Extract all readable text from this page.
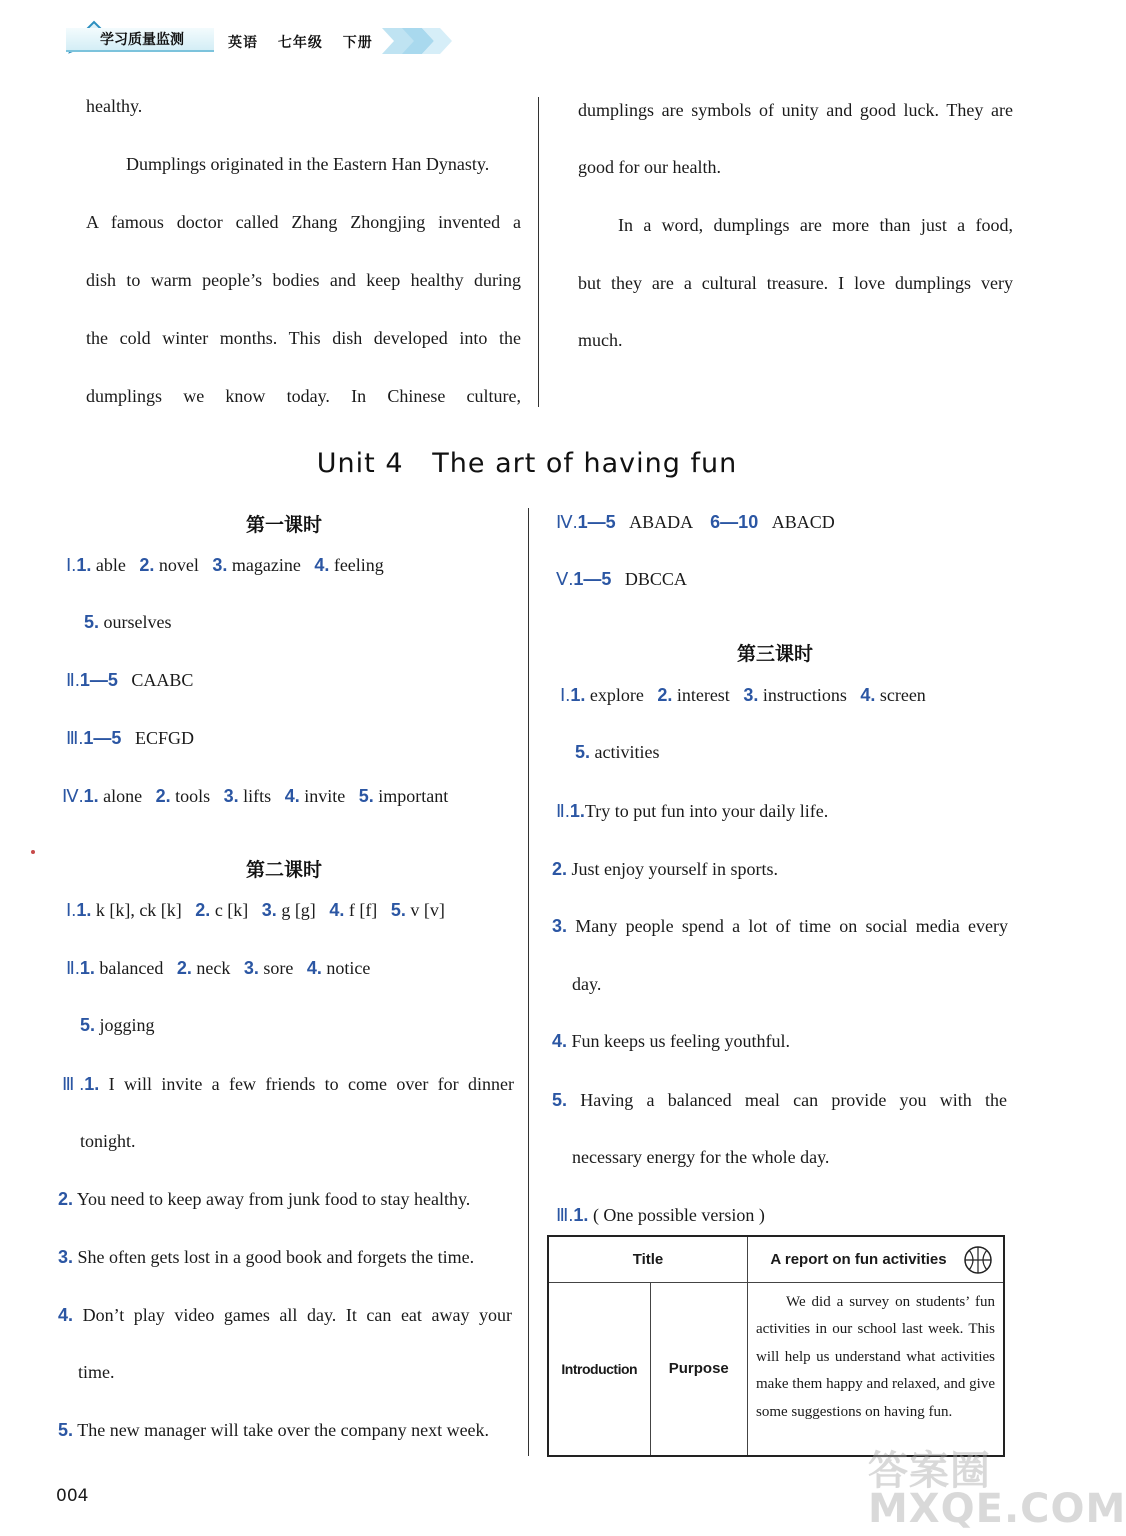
学习质量监测	英语 七年级 下册
healthy.
Dumplings originated in the Eastern Han Dynasty.
A famous doctor called Zhang Zhongjing invented a
dish to warm people’s bodies and keep healthy during
the cold winter months. This dish developed into the
dumplings we know today. In Chinese culture,
dumplings are symbols of unity and good luck. They are
good for our health.
In a word, dumplings are more than just a food,
but they are a cultural treasure. I love dumplings very
much.
Unit 4   The art of having fun
第一课时
Ⅰ.1. able 2. novel 3. magazine 4. feeling
5. ourselves
Ⅱ.1—5 CAABC
Ⅲ.1—5 ECFGD
Ⅳ.1. alone 2. tools 3. lifts 4. invite 5. important
第二课时
Ⅰ.1. k [k], ck [k] 2. c [k] 3. g [g] 4. f [f] 5. v [v]
Ⅱ.1. balanced 2. neck 3. sore 4. notice
5. jogging
Ⅲ.1. I will invite a few friends to come over for dinner
tonight.
2. You need to keep away from junk food to stay healthy.
3. She often gets lost in a good book and forgets the time.
4. Don’t play video games all day. It can eat away your
time.
5. The new manager will take over the company next week.
Ⅳ.1—5 ABADA 6—10 ABACD
Ⅴ.1—5 DBCCA
第三课时
Ⅰ.1. explore 2. interest 3. instructions 4. screen
5. activities
Ⅱ.1.Try to put fun into your daily life.
2. Just enjoy yourself in sports.
3. Many people spend a lot of time on social media every
day.
4. Fun keeps us feeling youthful.
5. Having a balanced meal can provide you with the
necessary energy for the whole day.
Ⅲ.1. ( One possible version )
Title		A report on fun activities

Introduction	Purpose	We did a survey on students’ fun activities in our school last week. This will help us understand what activities make them happy and relaxed, and give some suggestions on having fun.
004
答案圈
MXQE.COM
